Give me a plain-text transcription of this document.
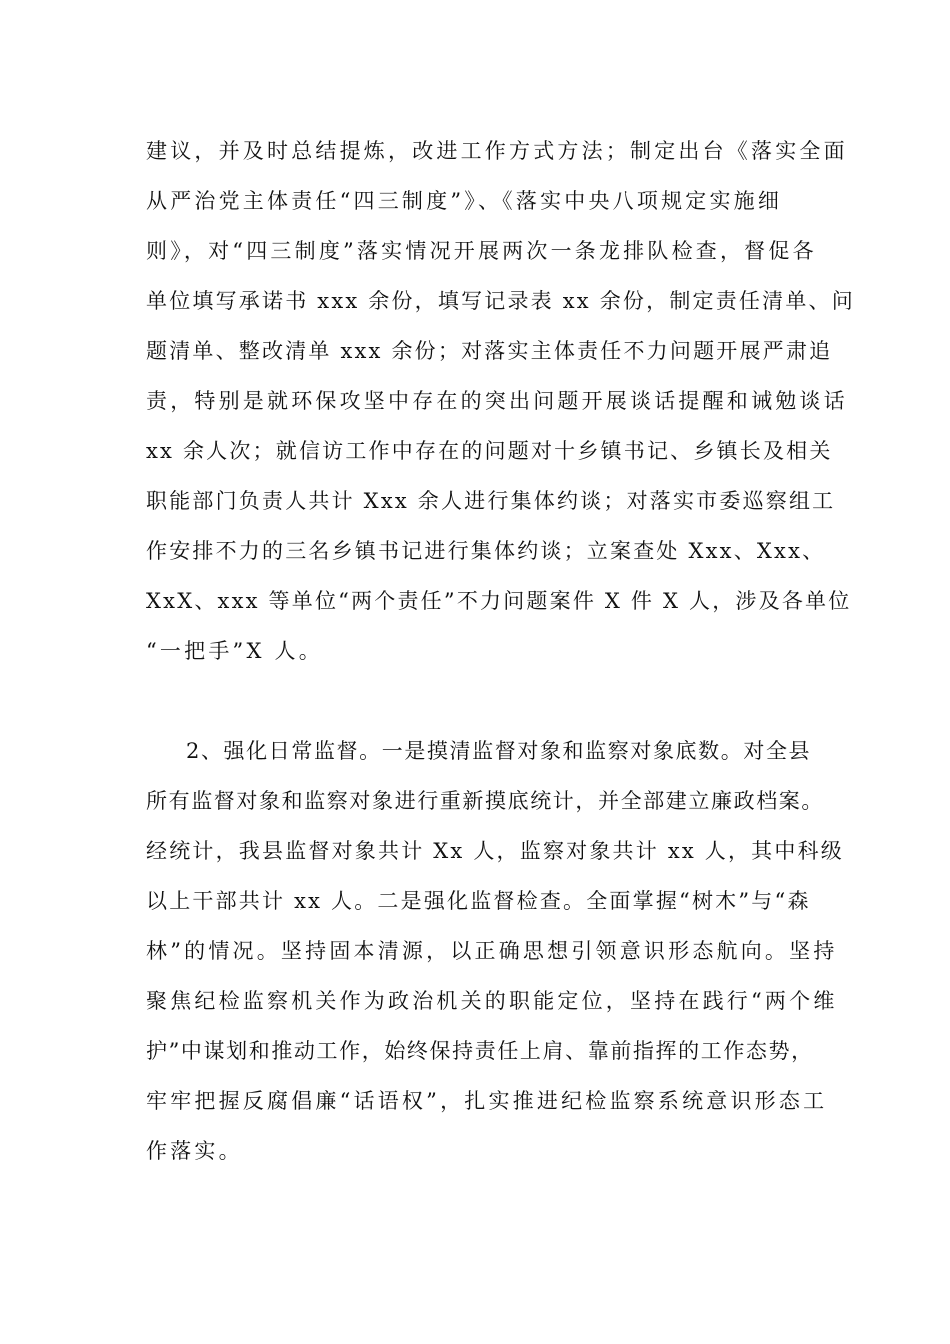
建议，并及时总结提炼，改进工作方式方法；制定出台《落实全面
从严治党主体责任“四三制度”》、《落实中央八项规定实施细
则》，对“四三制度”落实情况开展两次一条龙排队检查，督促各
单位填写承诺书 xxx 余份，填写记录表 xx 余份，制定责任清单、问
题清单、整改清单 xxx 余份；对落实主体责任不力问题开展严肃追
责，特别是就环保攻坚中存在的突出问题开展谈话提醒和诫勉谈话
xx 余人次；就信访工作中存在的问题对十乡镇书记、乡镇长及相关
职能部门负责人共计 Xxx 余人进行集体约谈；对落实市委巡察组工
作安排不力的三名乡镇书记进行集体约谈；立案查处 Xxx、Xxx、
XxX、xxx 等单位“两个责任”不力问题案件 X 件 X 人，涉及各单位
“一把手”X 人。
2、强化日常监督。一是摸清监督对象和监察对象底数。对全县
所有监督对象和监察对象进行重新摸底统计，并全部建立廉政档案。
经统计，我县监督对象共计 Xx 人，监察对象共计 xx 人，其中科级
以上干部共计 xx 人。二是强化监督检查。全面掌握“树木”与“森
林”的情况。坚持固本清源，以正确思想引领意识形态航向。坚持
聚焦纪检监察机关作为政治机关的职能定位，坚持在践行“两个维
护”中谋划和推动工作，始终保持责任上肩、靠前指挥的工作态势，
牢牢把握反腐倡廉“话语权”，扎实推进纪检监察系统意识形态工
作落实。
